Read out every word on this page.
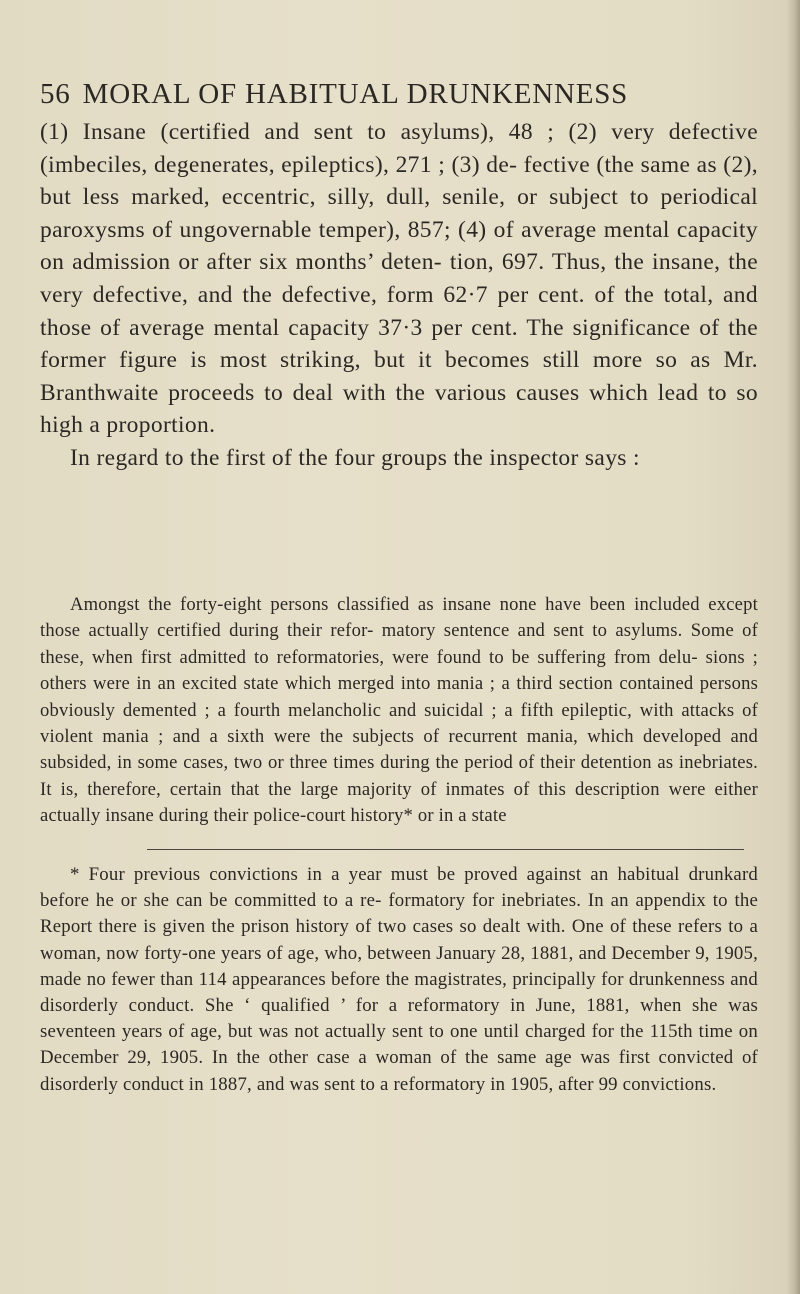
56 MORAL OF HABITUAL DRUNKENNESS

(1) Insane (certified and sent to asylums), 48 ; (2) very defective (imbeciles, degenerates, epileptics), 271 ; (3) de- fective (the same as (2), but less marked, eccentric, silly, dull, senile, or subject to periodical paroxysms of ungovernable temper), 857; (4) of average mental capacity on admission or after six months’ deten- tion, 697. Thus, the insane, the very defective, and the defective, form 62·7 per cent. of the total, and those of average mental capacity 37·3 per cent. The significance of the former figure is most striking, but it becomes still more so as Mr. Branthwaite proceeds to deal with the various causes which lead to so high a proportion.

In regard to the first of the four groups the inspector says :

Amongst the forty-eight persons classified as insane none have been included except those actually certified during their refor- matory sentence and sent to asylums. Some of these, when first admitted to reformatories, were found to be suffering from delu- sions ; others were in an excited state which merged into mania ; a third section contained persons obviously demented ; a fourth melancholic and suicidal ; a fifth epileptic, with attacks of violent mania ; and a sixth were the subjects of recurrent mania, which developed and subsided, in some cases, two or three times during the period of their detention as inebriates. It is, therefore, certain that the large majority of inmates of this description were either actually insane during their police-court history* or in a state

* Four previous convictions in a year must be proved against an habitual drunkard before he or she can be committed to a re- formatory for inebriates. In an appendix to the Report there is given the prison history of two cases so dealt with. One of these refers to a woman, now forty-one years of age, who, between January 28, 1881, and December 9, 1905, made no fewer than 114 appearances before the magistrates, principally for drunkenness and disorderly conduct. She ‘ qualified ’ for a reformatory in June, 1881, when she was seventeen years of age, but was not actually sent to one until charged for the 115th time on December 29, 1905. In the other case a woman of the same age was first convicted of disorderly conduct in 1887, and was sent to a reformatory in 1905, after 99 convictions.
